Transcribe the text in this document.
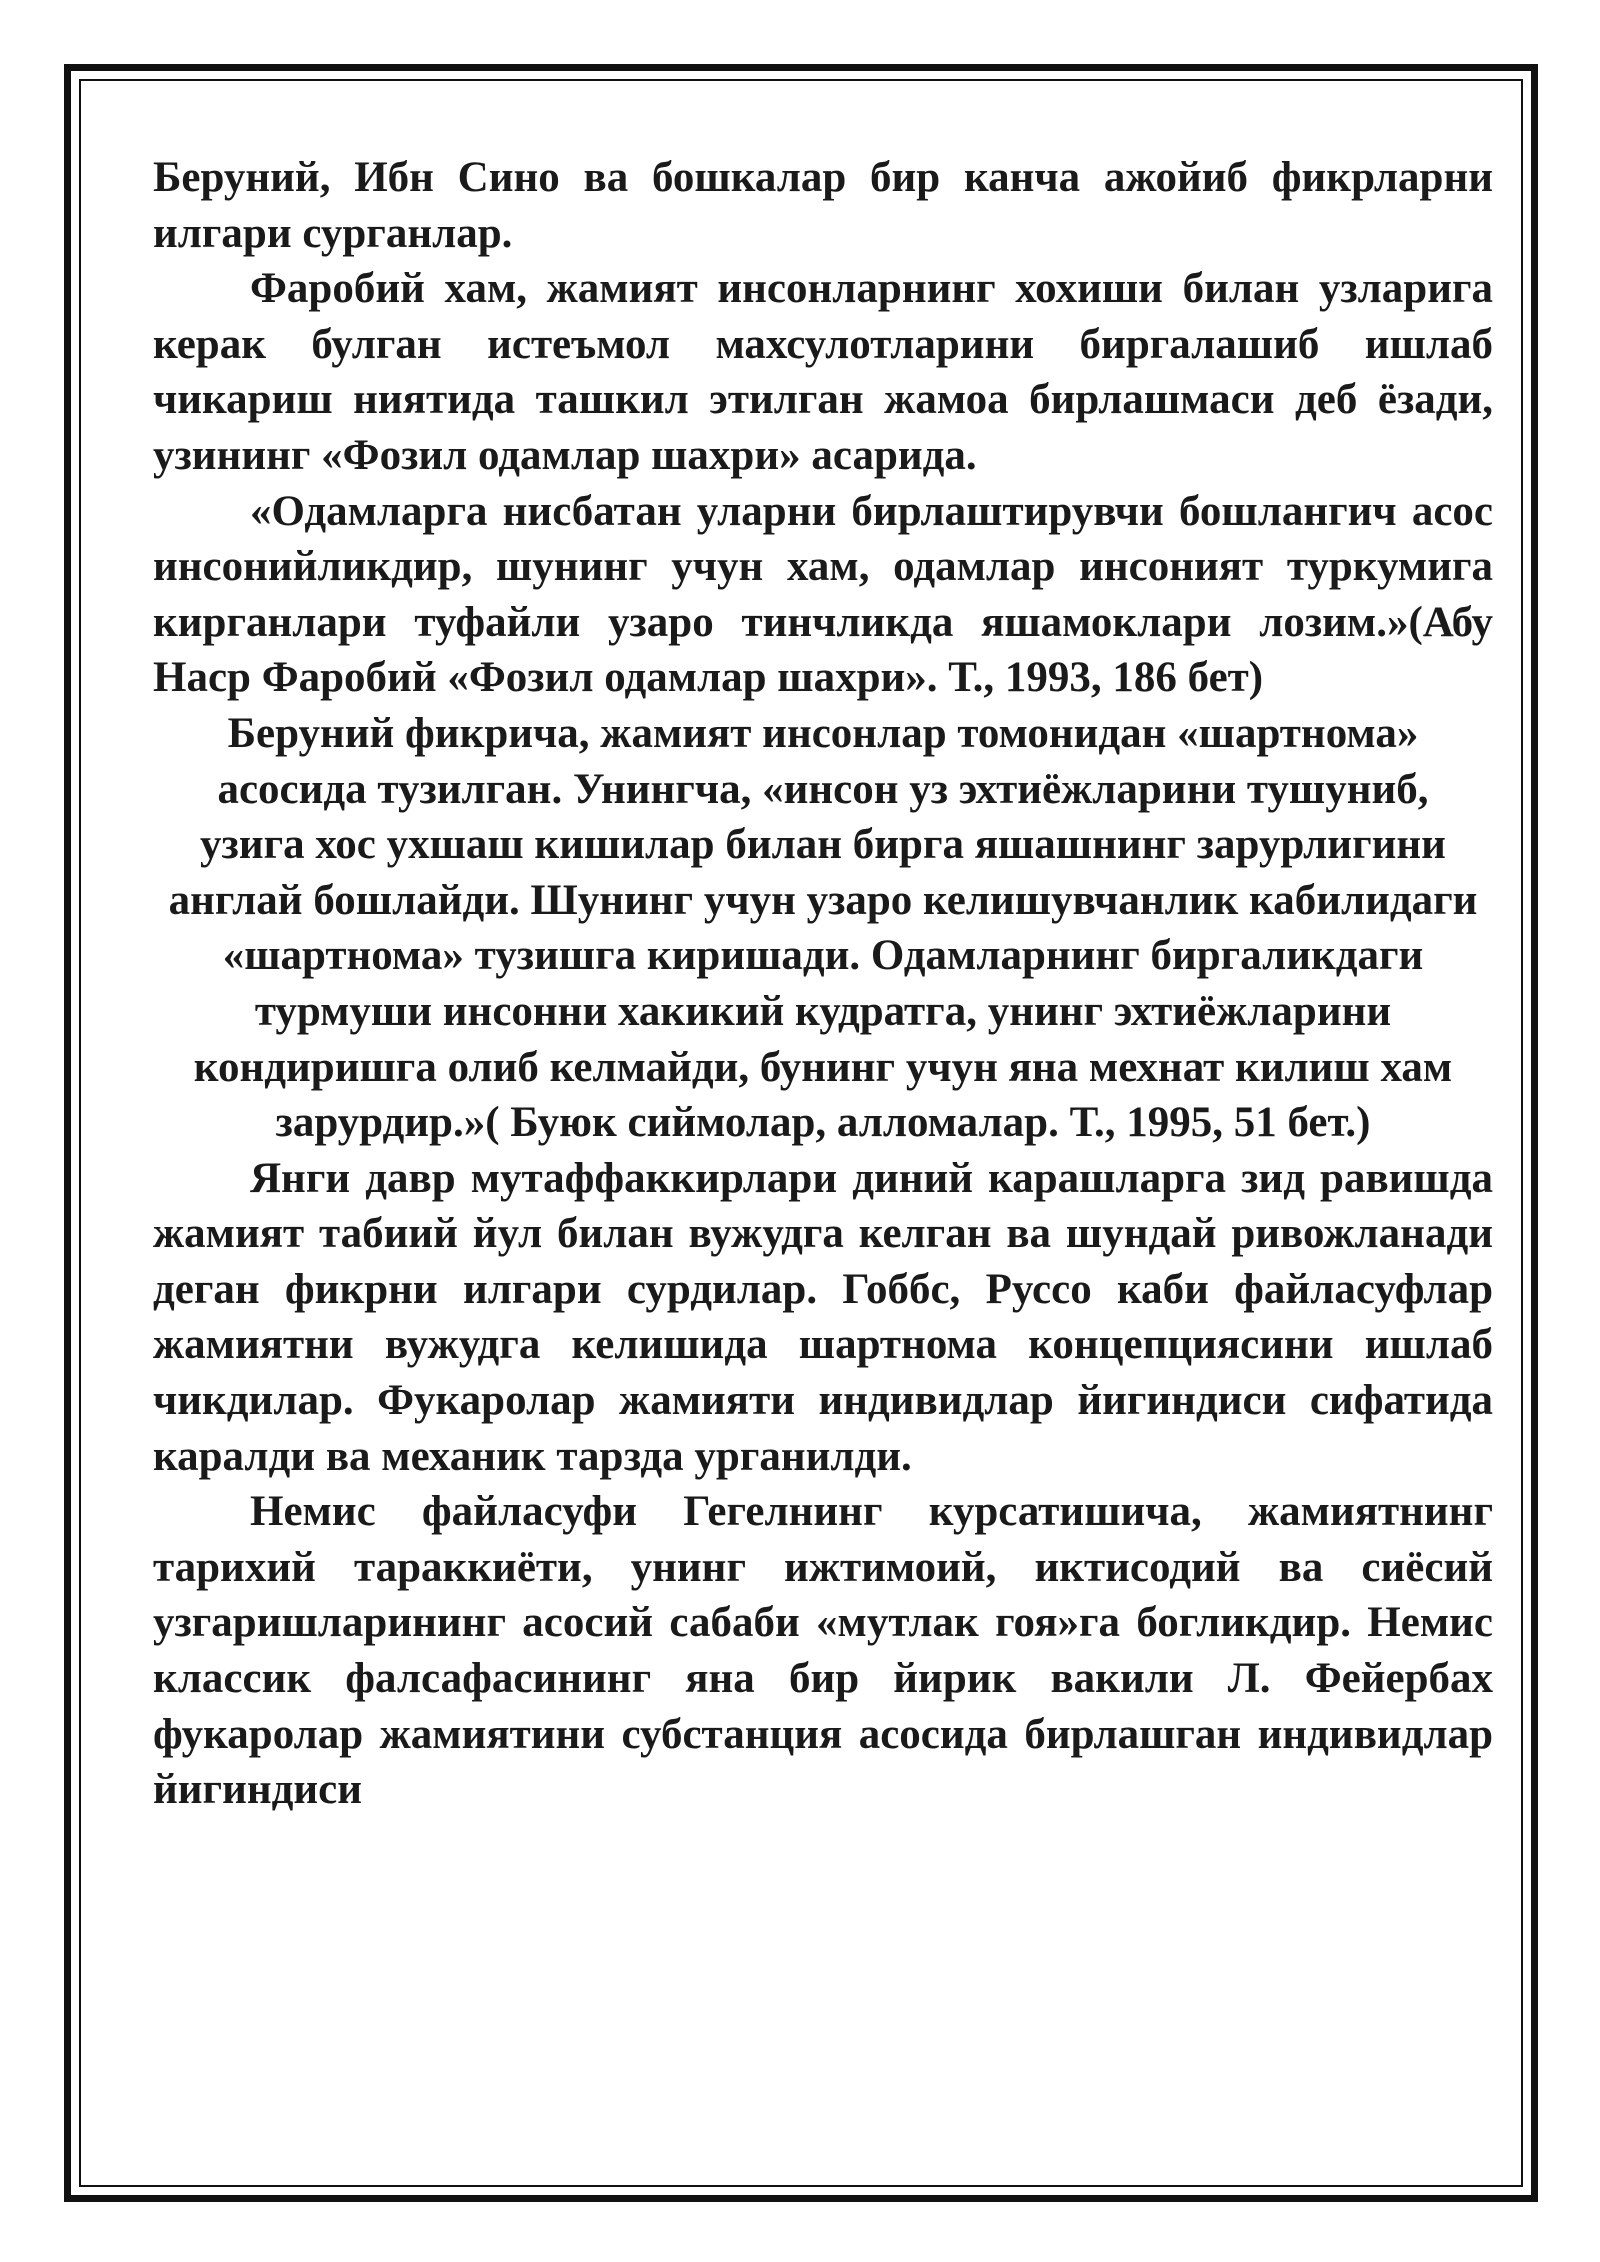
Беруний, Ибн Сино ва бошкалар бир канча ажойиб фикрларни илгари сурганлар.

Фаробий хам, жамият инсонларнинг хохиши билан узларига керак булган истеъмол махсулотларини биргалашиб ишлаб чикариш ниятида ташкил этилган жамоа бирлашмаси деб ёзади, узининг «Фозил одамлар шахри» асарида.

«Одамларга нисбатан уларни бирлаштирувчи бошлангич асос инсонийликдир, шунинг учун хам, одамлар инсоният туркумига кирганлари туфайли узаро тинчликда яшамоклари лозим.»(Абу Наср Фаробий «Фозил одамлар шахри». Т., 1993, 186 бет)

Беруний фикрича, жамият инсонлар томонидан «шартнома» асосида тузилган. Унингча, «инсон уз эхтиёжларини тушуниб, узига хос ухшаш кишилар билан бирга яшашнинг зарурлигини англай бошлайди. Шунинг учун узаро келишувчанлик кабилидаги «шартнома» тузишга киришади. Одамларнинг биргаликдаги турмуши инсонни хакикий кудратга, унинг эхтиёжларини кондиришга олиб келмайди, бунинг учун яна мехнат килиш хам зарурдир.»( Буюк сиймолар, алломалар. Т., 1995, 51 бет.)

Янги давр мутаффаккирлари диний карашларга зид равишда жамият табиий йул билан вужудга келган ва шундай ривожланади деган фикрни илгари сурдилар. Гоббс, Руссо каби файласуфлар жамиятни вужудга келишида шартнома концепциясини ишлаб чикдилар. Фукаролар жамияти индивидлар йигиндиси сифатида каралди ва механик тарзда урганилди.

Немис файласуфи Гегелнинг курсатишича, жамиятнинг тарихий тараккиёти, унинг ижтимоий, иктисодий ва сиёсий узгаришларининг асосий сабаби «мутлак гоя»га богликдир. Немис классик фалсафасининг яна бир йирик вакили Л. Фейербах фукаролар жамиятини субстанция асосида бирлашган индивидлар йигиндиси
